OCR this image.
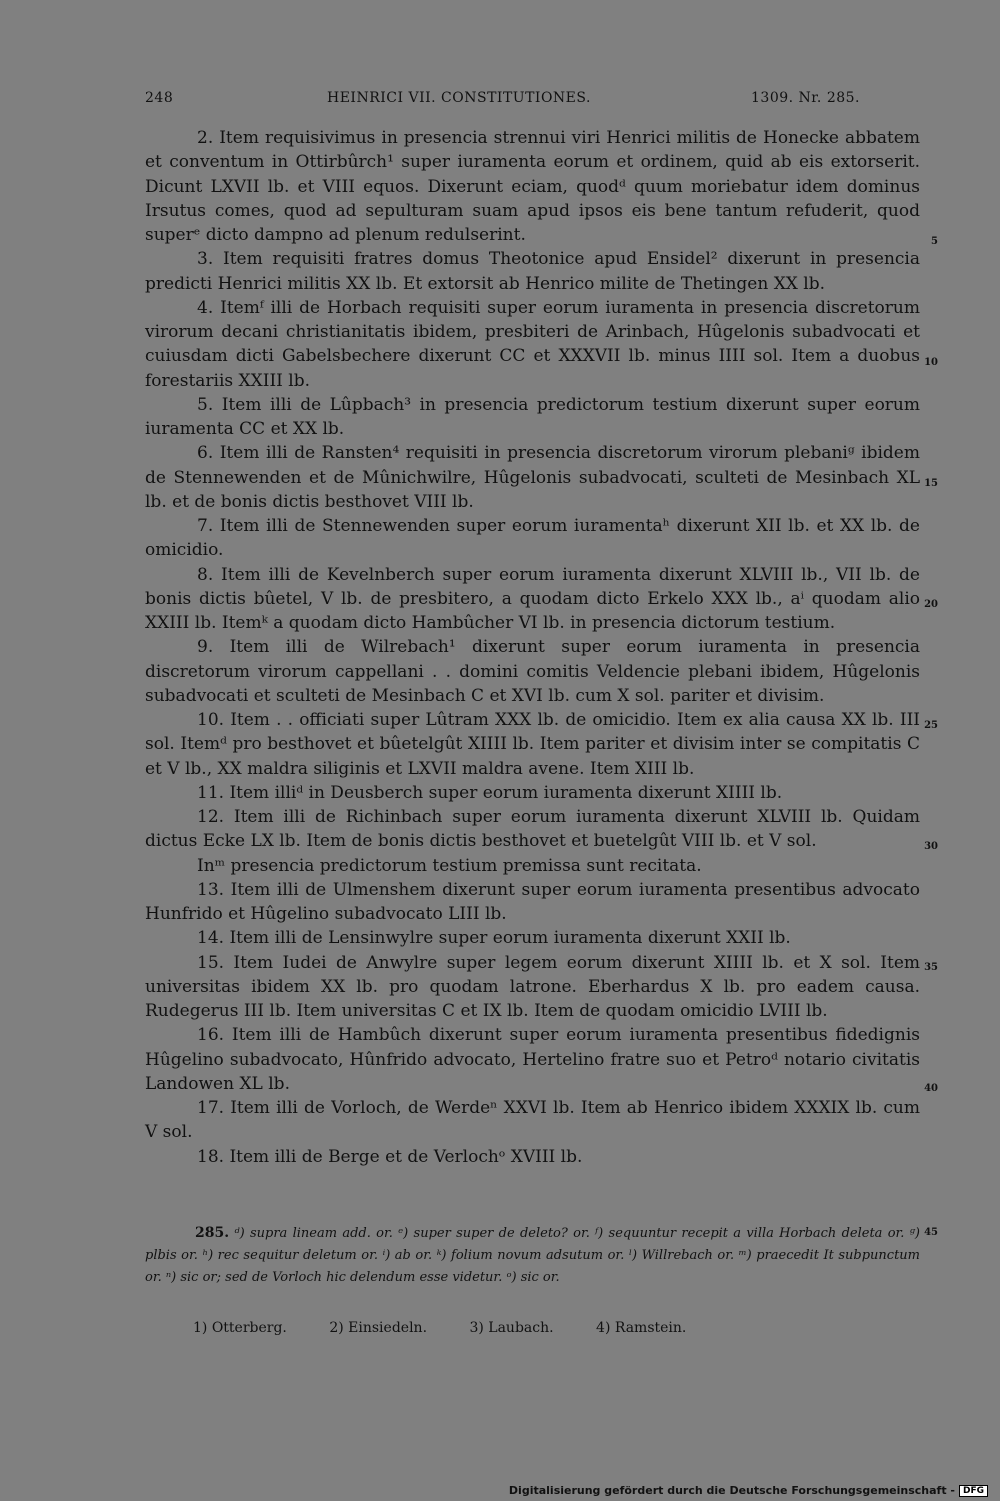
248	HEINRICI VII. CONSTITUTIONES.	1309. Nr. 285.

2. Item requisivimus in presencia strennui viri Henrici militis de Honecke abbatem et conventum in Ottirbûrch¹ super iuramenta eorum et ordinem, quid ab eis extorserit. Dicunt LXVII lb. et VIII equos. Dixerunt eciam, quodᵈ quum moriebatur idem dominus Irsutus comes, quod ad sepulturam suam apud ipsos eis bene tantum refuderit, quod superᵉ dicto dampno ad plenum redulserint.

3. Item requisiti fratres domus Theotonice apud Ensidel² dixerunt in presencia predicti Henrici militis XX lb. Et extorsit ab Henrico milite de Thetingen XX lb.

4. Itemᶠ illi de Horbach requisiti super eorum iuramenta in presencia discretorum virorum decani christianitatis ibidem, presbiteri de Arinbach, Hûgelonis subadvocati et cuiusdam dicti Gabelsbechere dixerunt CC et XXXVII lb. minus IIII sol. Item a duobus forestariis XXIII lb.

5. Item illi de Lûpbach³ in presencia predictorum testium dixerunt super eorum iuramenta CC et XX lb.

6. Item illi de Ransten⁴ requisiti in presencia discretorum virorum plebaniᵍ ibidem de Stennewenden et de Mûnichwilre, Hûgelonis subadvocati, sculteti de Mesinbach XL lb. et de bonis dictis besthovet VIII lb.

7. Item illi de Stennewenden super eorum iuramentaʰ dixerunt XII lb. et XX lb. de omicidio.

8. Item illi de Kevelnberch super eorum iuramenta dixerunt XLVIII lb., VII lb. de bonis dictis bûetel, V lb. de presbitero, a quodam dicto Erkelo XXX lb., aⁱ quodam alio XXIII lb. Itemᵏ a quodam dicto Hambûcher VI lb. in presencia dictorum testium.

9. Item illi de Wilrebach¹ dixerunt super eorum iuramenta in presencia discretorum virorum cappellani . . domini comitis Veldencie plebani ibidem, Hûgelonis subadvocati et sculteti de Mesinbach C et XVI lb. cum X sol. pariter et divisim.

10. Item . . officiati super Lûtram XXX lb. de omicidio. Item ex alia causa XX lb. III sol. Itemᵈ pro besthovet et bûetelgût XIIII lb. Item pariter et divisim inter se compitatis C et V lb., XX maldra siliginis et LXVII maldra avene. Item XIII lb.

11. Item illiᵈ in Deusberch super eorum iuramenta dixerunt XIIII lb.

12. Item illi de Richinbach super eorum iuramenta dixerunt XLVIII lb. Quidam dictus Ecke LX lb. Item de bonis dictis besthovet et buetelgût VIII lb. et V sol.

Inᵐ presencia predictorum testium premissa sunt recitata.

13. Item illi de Ulmenshem dixerunt super eorum iuramenta presentibus advocato Hunfrido et Hûgelino subadvocato LIII lb.

14. Item illi de Lensinwylre super eorum iuramenta dixerunt XXII lb.

15. Item Iudei de Anwylre super legem eorum dixerunt XIIII lb. et X sol. Item universitas ibidem XX lb. pro quodam latrone. Eberhardus X lb. pro eadem causa. Rudegerus III lb. Item universitas C et IX lb. Item de quodam omicidio LVIII lb.

16. Item illi de Hambûch dixerunt super eorum iuramenta presentibus fidedignis Hûgelino subadvocato, Hûnfrido advocato, Hertelino fratre suo et Petroᵈ notario civitatis Landowen XL lb.

17. Item illi de Vorloch, de Werdeⁿ XXVI lb. Item ab Henrico ibidem XXXIX lb. cum V sol.

18. Item illi de Berge et de Verlochᵒ XVIII lb.

5
10
15
20
25
30
35
40

285. ᵈ) supra lineam add. or. ᵉ) super super de deleto? or. ᶠ) sequuntur recepit a villa Horbach deleta or. ᵍ) plbis or. ʰ) rec sequitur deletum or. ⁱ) ab or. ᵏ) folium novum adsutum or. ˡ) Willrebach or. ᵐ) praecedit It subpunctum or. ⁿ) sic or; sed de Vorloch hic delendum esse videtur. ᵒ) sic or.

45
1) Otterberg.	2) Einsiedeln.	3) Laubach.	4) Ramstein.
Digitalisierung gefördert durch die Deutsche Forschungsgemeinschaft - DFG
